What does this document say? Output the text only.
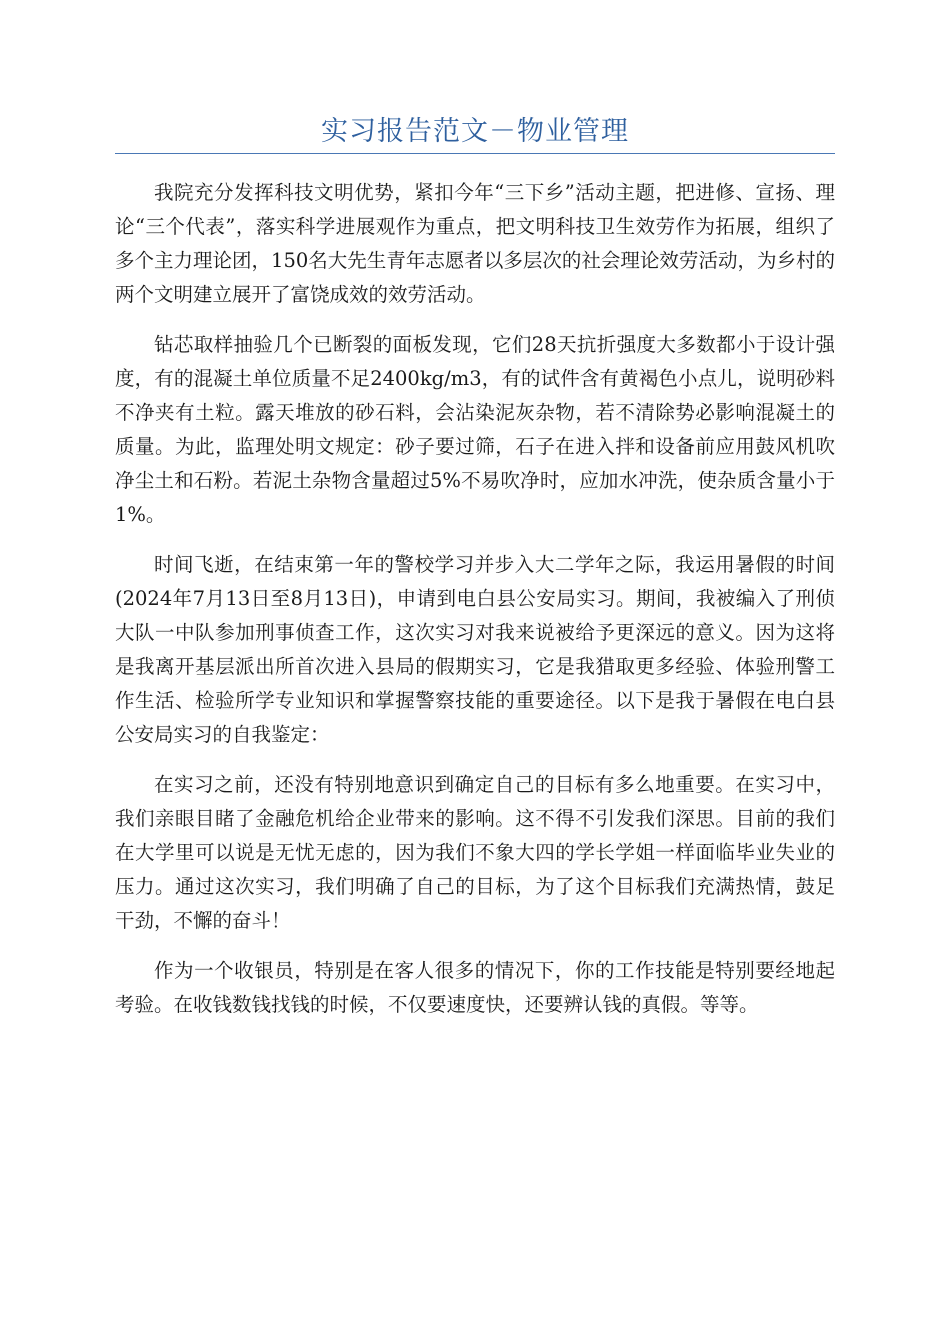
实习报告范文－物业管理

我院充分发挥科技文明优势，紧扣今年“三下乡”活动主题，把进修、宣扬、理论“三个代表”，落实科学进展观作为重点，把文明科技卫生效劳作为拓展，组织了多个主力理论团，150名大先生青年志愿者以多层次的社会理论效劳活动，为乡村的两个文明建立展开了富饶成效的效劳活动。

钻芯取样抽验几个已断裂的面板发现，它们28天抗折强度大多数都小于设计强度，有的混凝土单位质量不足2400kg/m3，有的试件含有黄褐色小点儿，说明砂料不净夹有土粒。露天堆放的砂石料，会沾染泥灰杂物，若不清除势必影响混凝土的质量。为此，监理处明文规定：砂子要过筛，石子在进入拌和设备前应用鼓风机吹净尘土和石粉。若泥土杂物含量超过5%不易吹净时，应加水冲洗，使杂质含量小于1%。

时间飞逝，在结束第一年的警校学习并步入大二学年之际，我运用暑假的时间(2024年7月13日至8月13日)，申请到电白县公安局实习。期间，我被编入了刑侦大队一中队参加刑事侦查工作，这次实习对我来说被给予更深远的意义。因为这将是我离开基层派出所首次进入县局的假期实习，它是我猎取更多经验、体验刑警工作生活、检验所学专业知识和掌握警察技能的重要途径。以下是我于暑假在电白县公安局实习的自我鉴定：

在实习之前，还没有特别地意识到确定自己的目标有多么地重要。在实习中，我们亲眼目睹了金融危机给企业带来的影响。这不得不引发我们深思。目前的我们在大学里可以说是无忧无虑的，因为我们不象大四的学长学姐一样面临毕业失业的压力。通过这次实习，我们明确了自己的目标，为了这个目标我们充满热情，鼓足干劲，不懈的奋斗！

作为一个收银员，特别是在客人很多的情况下，你的工作技能是特别要经地起考验。在收钱数钱找钱的时候，不仅要速度快，还要辨认钱的真假。等等。
